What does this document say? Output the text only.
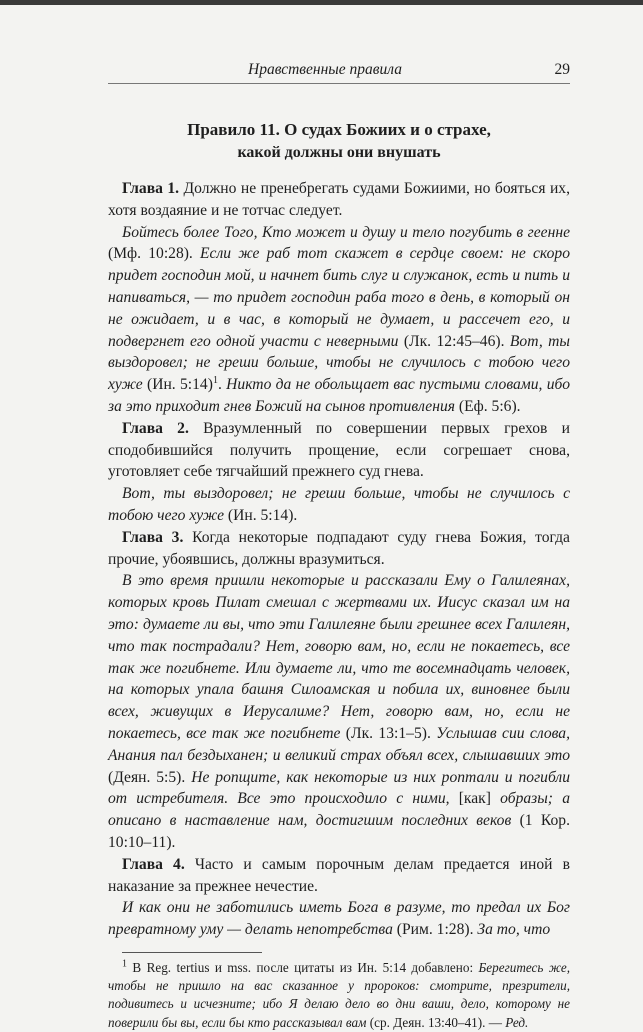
Нравственные правила	29
Правило 11. О судах Божиих и о страхе,
какой должны они внушать

Глава 1. Должно не пренебрегать судами Божиими, но бояться их, хотя воздаяние и не тотчас следует.

Бойтесь более Того, Кто может и душу и тело погубить в геенне (Мф. 10:28). Если же раб тот скажет в сердце своем: не скоро придет господин мой, и начнет бить слуг и служанок, есть и пить и напиваться, — то придет господин раба того в день, в который он не ожидает, и в час, в который не думает, и рассечет его, и подвергнет его одной участи с неверными (Лк. 12:45–46). Вот, ты выздоровел; не греши больше, чтобы не случилось с тобою чего хуже (Ин. 5:14)$^1$. Никто да не обольщает вас пустыми словами, ибо за это приходит гнев Божий на сынов противления (Еф. 5:6).

Глава 2. Вразумленный по совершении первых грехов и сподобившийся получить прощение, если согрешает снова, уготовляет себе тягчайший прежнего суд гнева.

Вот, ты выздоровел; не греши больше, чтобы не случилось с тобою чего хуже (Ин. 5:14).

Глава 3. Когда некоторые подпадают суду гнева Божия, тогда прочие, убоявшись, должны вразумиться.

В это время пришли некоторые и рассказали Ему о Галилеянах, которых кровь Пилат смешал с жертвами их. Иисус сказал им на это: думаете ли вы, что эти Галилеяне были грешнее всех Галилеян, что так пострадали? Нет, говорю вам, но, если не покаетесь, все так же погибнете. Или думаете ли, что те восемнадцать человек, на которых упала башня Силоамская и побила их, виновнее были всех, живущих в Иерусалиме? Нет, говорю вам, но, если не покаетесь, все так же погибнете (Лк. 13:1–5). Услышав сии слова, Анания пал бездыханен; и великий страх объял всех, слышавших это (Деян. 5:5). Не ропщите, как некоторые из них роптали и погибли от истребителя. Все это происходило с ними, [как] образы; а описано в наставление нам, достигшим последних веков (1 Кор. 10:10–11).

Глава 4. Часто и самым порочным делам предается иной в наказание за прежнее нечестие.

И как они не заботились иметь Бога в разуме, то предал их Бог превратному уму — делать непотребства (Рим. 1:28). За то, что

$^1$ В Reg. tertius и mss. после цитаты из Ин. 5:14 добавлено: Берегитесь же, чтобы не пришло на вас сказанное у пророков: смотрите, презрители, подивитесь и исчезните; ибо Я делаю дело во дни ваши, дело, которому не поверили бы вы, если бы кто рассказывал вам (ср. Деян. 13:40–41). — Ред.
